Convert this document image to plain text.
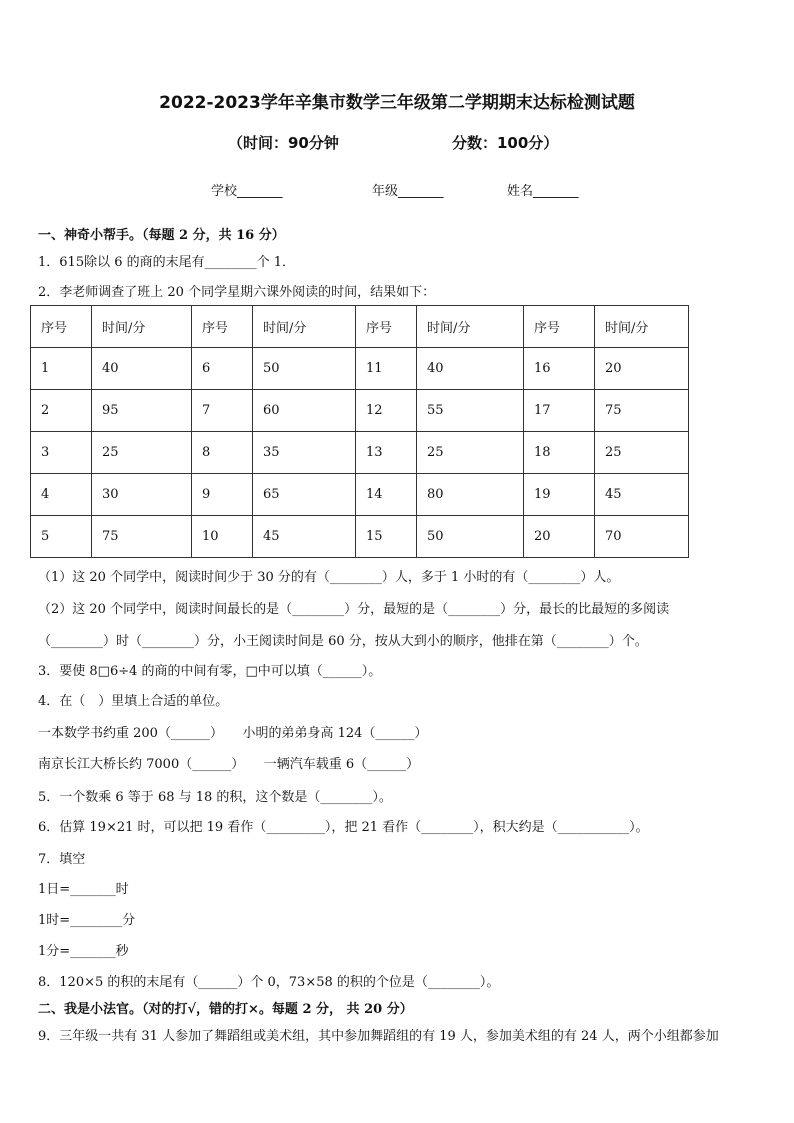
2022-2023学年辛集市数学三年级第二学期期末达标检测试题
（时间：90分钟	分数：100分）
学校_______	年级_______	姓名_______
一、神奇小帮手。（每题 2 分，共 16 分）
1．615除以 6 的商的末尾有________个 1．
2．李老师调查了班上 20 个同学星期六课外阅读的时间，结果如下：
序号	时间/分	序号	时间/分	序号	时间/分	序号	时间/分
1	40	6	50	11	40	16	20
2	95	7	60	12	55	17	75
3	25	8	35	13	25	18	25
4	30	9	65	14	80	19	45
5	75	10	45	15	50	20	70
（1）这 20 个同学中，阅读时间少于 30 分的有（________）人，多于 1 小时的有（________）人。
（2）这 20 个同学中，阅读时间最长的是（________）分，最短的是（________）分，最长的比最短的多阅读
（________）时（________）分，小王阅读时间是 60 分，按从大到小的顺序，他排在第（________）个。
3．要使 8□6÷4 的商的中间有零，□中可以填（______）。
4．在（　）里填上合适的单位。
一本数学书约重 200（______）　　小明的弟弟身高 124（______）
南京长江大桥长约 7000（______）　　一辆汽车载重 6（______）
5．一个数乘 6 等于 68 与 18 的积，这个数是（________）。
6．估算 19×21 时，可以把 19 看作（_________），把 21 看作（________），积大约是（___________）。
7．填空
1日=_______时
1时=________分
1分=_______秒
8．120×5 的积的末尾有（______）个 0，73×58 的积的个位是（________）。
二、我是小法官。（对的打√，错的打×。每题 2 分， 共 20 分）
9．三年级一共有 31 人参加了舞蹈组或美术组，其中参加舞蹈组的有 19 人，参加美术组的有 24 人，两个小组都参加
